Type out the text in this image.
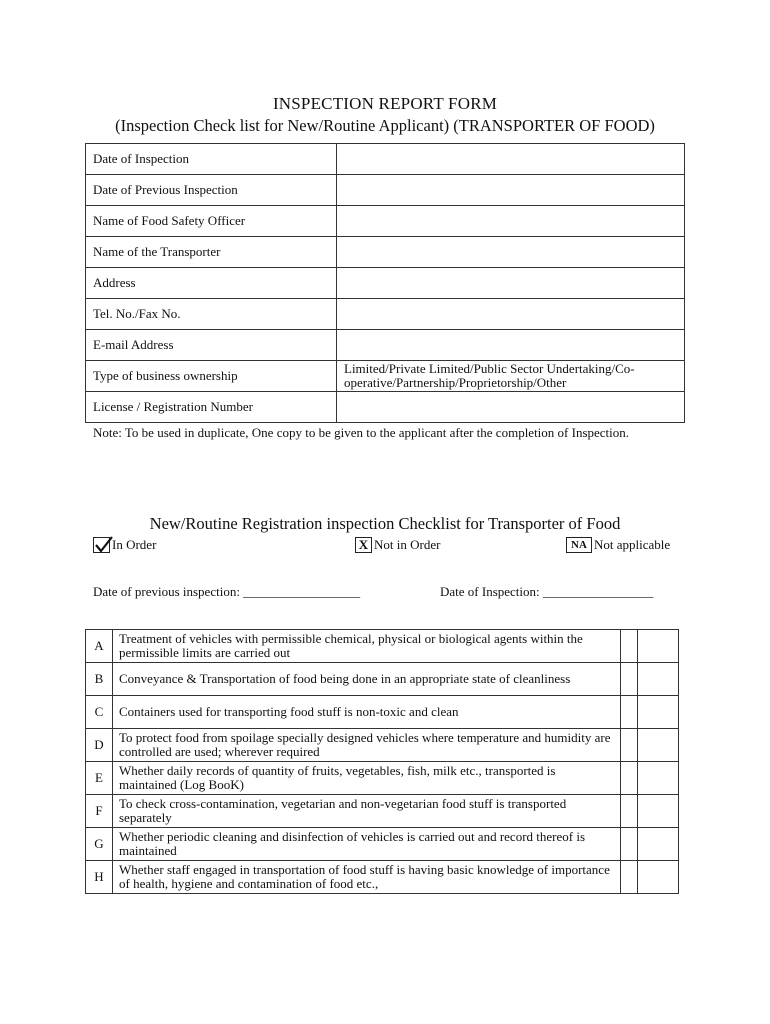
INSPECTION REPORT FORM
(Inspection Check list for New/Routine Applicant) (TRANSPORTER OF FOOD)
Date of Inspection	
Date of Previous Inspection	
Name of Food Safety Officer	
Name of the Transporter	
Address	
Tel. No./Fax No.	
E-mail Address	
Type of business ownership	Limited/Private Limited/Public Sector Undertaking/Co-operative/Partnership/Proprietorship/Other
License / Registration Number	
Note: To be used in duplicate, One copy to be given to the applicant after the completion of Inspection.
New/Routine Registration inspection Checklist for Transporter of Food
In Order	X Not in Order	NA Not applicable
Date of previous inspection: __________________	Date of Inspection: _________________
A	Treatment of vehicles with permissible chemical, physical or biological agents within the permissible limits are carried out		
B	Conveyance & Transportation of food being done in an appropriate state of cleanliness		
C	Containers used for transporting food stuff is non-toxic and clean		
D	To protect food from spoilage specially designed vehicles where temperature and humidity are controlled are used; wherever required		
E	Whether daily records of quantity of fruits, vegetables, fish, milk etc., transported is maintained (Log BooK)		
F	To check cross-contamination, vegetarian and non-vegetarian food stuff is transported separately		
G	Whether periodic cleaning and disinfection of vehicles is carried out and record thereof is maintained		
H	Whether staff engaged in transportation of food stuff is having basic knowledge of importance of health, hygiene and contamination of food etc.,		
